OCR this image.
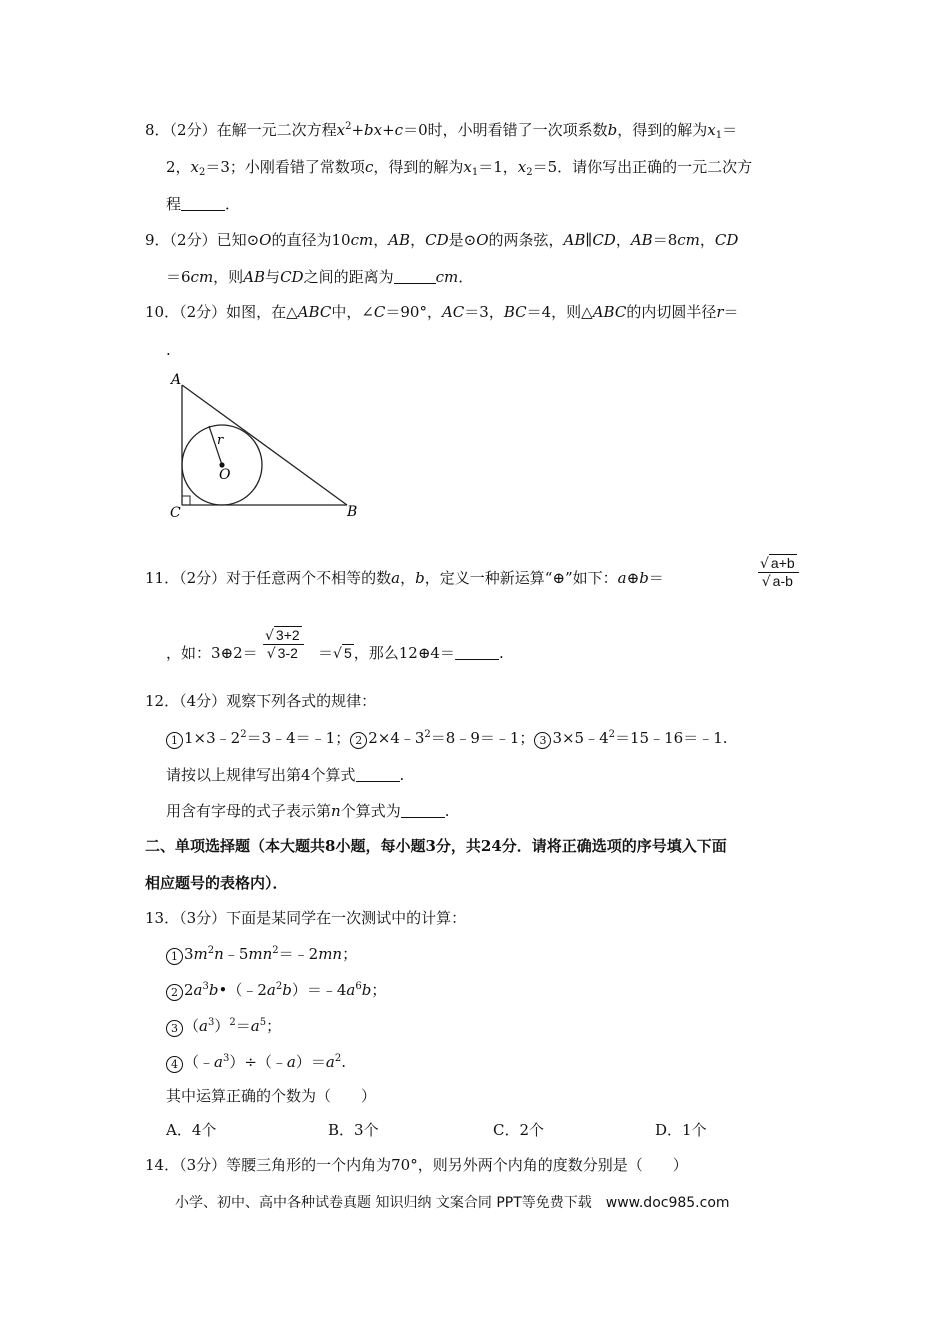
8．（2分）在解一元二次方程$x^2+bx+c=0$时，小明看错了一次项系数b，得到的解为$x_1=$
2，$x_2=3$；小刚看错了常数项c，得到的解为$x_1=1$，$x_2=5$．请你写出正确的一元二次方
程	．
9．（2分）已知⊙O的直径为10cm，AB，CD是⊙O的两条弦，AB∥CD，AB＝8cm，CD
＝6cm，则AB与CD之间的距离为	cm．
10．（2分）如图，在△ABC中，∠C＝90°，AC＝3，BC＝4，则△ABC的内切圆半径r＝
.
A
C	B
O
r
11．（2分）对于任意两个不相等的数a，b，定义一种新运算“⊕”如下：a⊕b＝	$\frac{√ a+b}{√ a-b}$
，如：3⊕2＝ $\frac{√ 3+2}{√ 3-2}$ ＝√ 5 ，那么12⊕4＝	.
12．（4分）观察下列各式的规律：
1 $1\times 3﹣2^2=3﹣4=﹣1$； 2 $2\times 4﹣3^2=8﹣9=﹣1$； 3 $3\times 5﹣4^2=15﹣16=﹣1$.
请按以上规律写出第4个算式	.
用含有字母的式子表示第n个算式为	.
二、单项选择题（本大题共8小题，每小题3分，共24分．请将正确选项的序号填入下面
相应题号的表格内）．
13．（3分）下面是某同学在一次测试中的计算：
1 $3m^2n﹣5mn^2=﹣2mn$；
2 $2a^3b•(﹣2a^2b)=﹣4a^6b$；
3 $(a^3)^2=a^5$；
4 $(﹣a^3)\div(﹣a)=a^2$.
其中运算正确的个数为（　　）
A．4个	B．3个	C．2个	D．1个
14．（3分）等腰三角形的一个内角为70°，则另外两个内角的度数分别是（　　）
小学、初中、高中各种试卷真题 知识归纳 文案合同 PPT等免费下载　www.doc985.com
